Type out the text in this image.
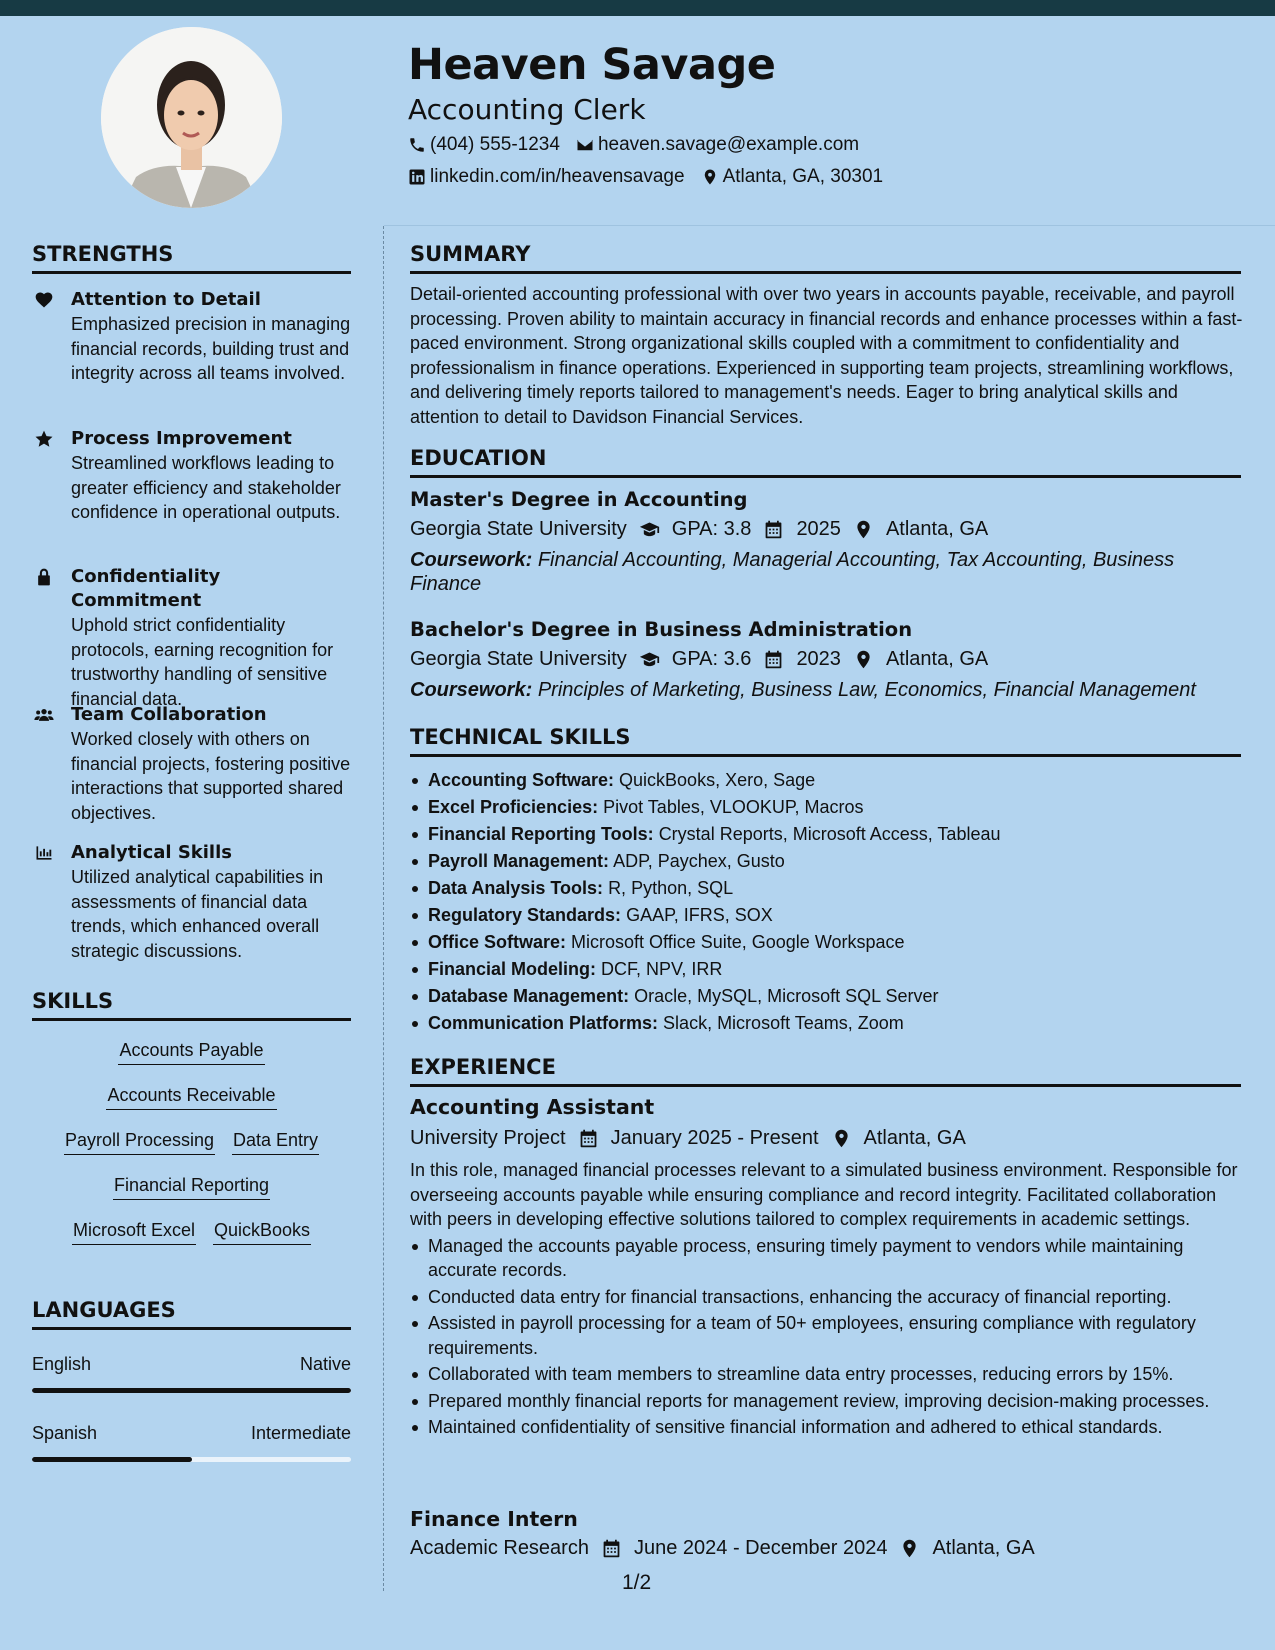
Heaven Savage
Accounting Clerk
(404) 555-1234 heaven.savage@example.com
linkedin.com/in/heavensavage Atlanta, GA, 30301
STRENGTHS
Attention to Detail
Emphasized precision in managing financial records, building trust and integrity across all teams involved.
Process Improvement
Streamlined workflows leading to greater efficiency and stakeholder confidence in operational outputs.
Confidentiality Commitment
Uphold strict confidentiality protocols, earning recognition for trustworthy handling of sensitive financial data.
Team Collaboration
Worked closely with others on financial projects, fostering positive interactions that supported shared objectives.
Analytical Skills
Utilized analytical capabilities in assessments of financial data trends, which enhanced overall strategic discussions.
SKILLS
Accounts Payable
Accounts Receivable
Payroll Processing Data Entry
Financial Reporting
Microsoft Excel QuickBooks
LANGUAGES
English	Native
Spanish	Intermediate
SUMMARY
Detail-oriented accounting professional with over two years in accounts payable, receivable, and payroll processing. Proven ability to maintain accuracy in financial records and enhance processes within a fast-paced environment. Strong organizational skills coupled with a commitment to confidentiality and professionalism in finance operations. Experienced in supporting team projects, streamlining workflows, and delivering timely reports tailored to management's needs. Eager to bring analytical skills and attention to detail to Davidson Financial Services.
EDUCATION
Master's Degree in Accounting
Georgia State University GPA: 3.8 2025 Atlanta, GA
Coursework: Financial Accounting, Managerial Accounting, Tax Accounting, Business Finance
Bachelor's Degree in Business Administration
Georgia State University GPA: 3.6 2023 Atlanta, GA
Coursework: Principles of Marketing, Business Law, Economics, Financial Management
TECHNICAL SKILLS
Accounting Software: QuickBooks, Xero, Sage
Excel Proficiencies: Pivot Tables, VLOOKUP, Macros
Financial Reporting Tools: Crystal Reports, Microsoft Access, Tableau
Payroll Management: ADP, Paychex, Gusto
Data Analysis Tools: R, Python, SQL
Regulatory Standards: GAAP, IFRS, SOX
Office Software: Microsoft Office Suite, Google Workspace
Financial Modeling: DCF, NPV, IRR
Database Management: Oracle, MySQL, Microsoft SQL Server
Communication Platforms: Slack, Microsoft Teams, Zoom
EXPERIENCE
Accounting Assistant
University Project January 2025 - Present Atlanta, GA
In this role, managed financial processes relevant to a simulated business environment. Responsible for overseeing accounts payable while ensuring compliance and record integrity. Facilitated collaboration with peers in developing effective solutions tailored to complex requirements in academic settings.
Managed the accounts payable process, ensuring timely payment to vendors while maintaining accurate records.
Conducted data entry for financial transactions, enhancing the accuracy of financial reporting.
Assisted in payroll processing for a team of 50+ employees, ensuring compliance with regulatory requirements.
Collaborated with team members to streamline data entry processes, reducing errors by 15%.
Prepared monthly financial reports for management review, improving decision-making processes.
Maintained confidentiality of sensitive financial information and adhered to ethical standards.
Finance Intern
Academic Research June 2024 - December 2024 Atlanta, GA
1/2
